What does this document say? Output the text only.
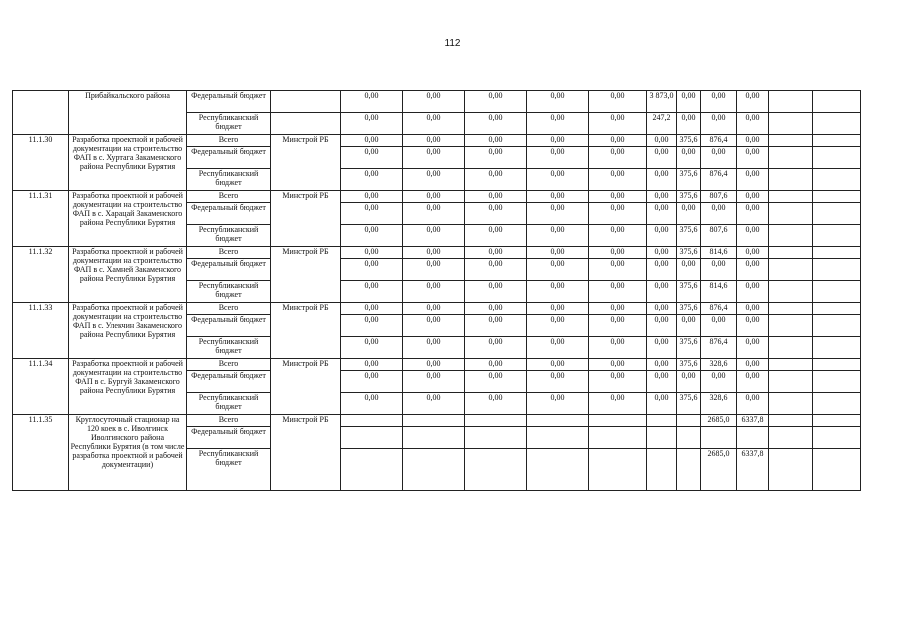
112
	Прибайкальского района	Федеральный бюджет		0,00	0,00	0,00	0,00	0,00	3 873,0	0,00	0,00	0,00		
		Республиканский бюджет		0,00	0,00	0,00	0,00	0,00	247,2	0,00	0,00	0,00		
11.1.30	Разработка проектной и рабочей документации на строительство ФАП в с. Хуртага Закаменского района Республики Бурятия	Всего	Минстрой РБ	0,00	0,00	0,00	0,00	0,00	0,00	375,6	876,4	0,00		
		Федеральный бюджет		0,00	0,00	0,00	0,00	0,00	0,00	0,00	0,00	0,00		
		Республиканский бюджет		0,00	0,00	0,00	0,00	0,00	0,00	375,6	876,4	0,00		
11.1.31	Разработка проектной и рабочей документации на строительство ФАП в с. Харацай Закаменского района Республики Бурятия	Всего	Минстрой РБ	0,00	0,00	0,00	0,00	0,00	0,00	375,6	807,6	0,00		
		Федеральный бюджет		0,00	0,00	0,00	0,00	0,00	0,00	0,00	0,00	0,00		
		Республиканский бюджет		0,00	0,00	0,00	0,00	0,00	0,00	375,6	807,6	0,00		
11.1.32	Разработка проектной и рабочей документации на строительство ФАП в с. Хамней Закаменского района Республики Бурятия	Всего	Минстрой РБ	0,00	0,00	0,00	0,00	0,00	0,00	375,6	814,6	0,00		
		Федеральный бюджет		0,00	0,00	0,00	0,00	0,00	0,00	0,00	0,00	0,00		
		Республиканский бюджет		0,00	0,00	0,00	0,00	0,00	0,00	375,6	814,6	0,00		
11.1.33	Разработка проектной и рабочей документации на строительство ФАП в с. Улекчин Закаменского района Республики Бурятия	Всего	Минстрой РБ	0,00	0,00	0,00	0,00	0,00	0,00	375,6	876,4	0,00		
		Федеральный бюджет		0,00	0,00	0,00	0,00	0,00	0,00	0,00	0,00	0,00		
		Республиканский бюджет		0,00	0,00	0,00	0,00	0,00	0,00	375,6	876,4	0,00		
11.1.34	Разработка проектной и рабочей документации на строительство ФАП в с. Бургуй Закаменского района Республики Бурятия	Всего	Минстрой РБ	0,00	0,00	0,00	0,00	0,00	0,00	375,6	328,6	0,00		
		Федеральный бюджет		0,00	0,00	0,00	0,00	0,00	0,00	0,00	0,00	0,00		
		Республиканский бюджет		0,00	0,00	0,00	0,00	0,00	0,00	375,6	328,6	0,00		
11.1.35	Круглосуточный стационар на 120 коек в с. Иволгинск Иволгинского района Республики Бурятия (в том числе разработка проектной и рабочей документации)	Всего	Минстрой РБ								2685,0	6337,8		
		Федеральный бюджет												
		Республиканский бюджет									2685,0	6337,8		
